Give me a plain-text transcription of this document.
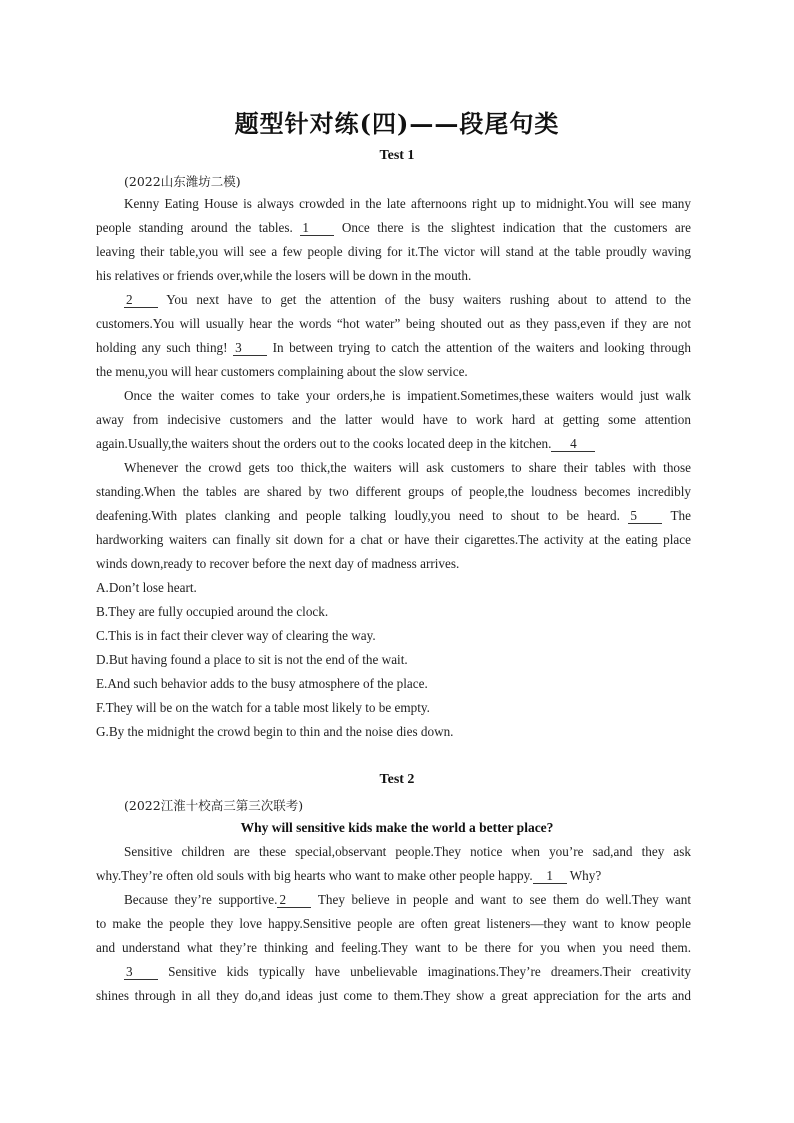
题型针对练(四)——段尾句类
Test 1
(2022山东潍坊二模)
Kenny Eating House is always crowded in the late afternoons right up to midnight.You will see many
people standing around the tables. 1 Once there is the slightest indication that the customers are
leaving their table,you will see a few people diving for it.The victor will stand at the table proudly waving
his relatives or friends over,while the losers will be down in the mouth.
2	You next have to get the attention of the busy waiters rushing about to attend to the
customers.You will usually hear the words “hot water” being shouted out as they pass,even if they are not
holding any such thing! 3 In between trying to catch the attention of the waiters and looking through
the menu,you will hear customers complaining about the slow service.
Once the waiter comes to take your orders,he is impatient.Sometimes,these waiters would just walk
away from indecisive customers and the latter would have to work hard at getting some attention
again.Usually,the waiters shout the orders out to the cooks located deep in the kitchen. 4
Whenever the crowd gets too thick,the waiters will ask customers to share their tables with those
standing.When the tables are shared by two different groups of people,the loudness becomes incredibly
deafening.With plates clanking and people talking loudly,you need to shout to be heard. 5	The
hardworking waiters can finally sit down for a chat or have their cigarettes.The activity at the eating place
winds down,ready to recover before the next day of madness arrives.
A.Don’t lose heart.
B.They are fully occupied around the clock.
C.This is in fact their clever way of clearing the way.
D.But having found a place to sit is not the end of the wait.
E.And such behavior adds to the busy atmosphere of the place.
F.They will be on the watch for a table most likely to be empty.
G.By the midnight the crowd begin to thin and the noise dies down.
Test 2
(2022江淮十校高三第三次联考)
Why will sensitive kids make the world a better place?
Sensitive children are these special,observant people.They notice when you’re sad,and they ask
why.They’re often old souls with big hearts who want to make other people happy. 1 Why?
Because they’re supportive. 2 They believe in people and want to see them do well.They want
to make the people they love happy.Sensitive people are often great listeners—they want to know people
and understand what they’re thinking and feeling.They want to be there for you when you need them.
3	Sensitive kids typically have unbelievable imaginations.They’re dreamers.Their creativity
shines through in all they do,and ideas just come to them.They show a great appreciation for the arts and
